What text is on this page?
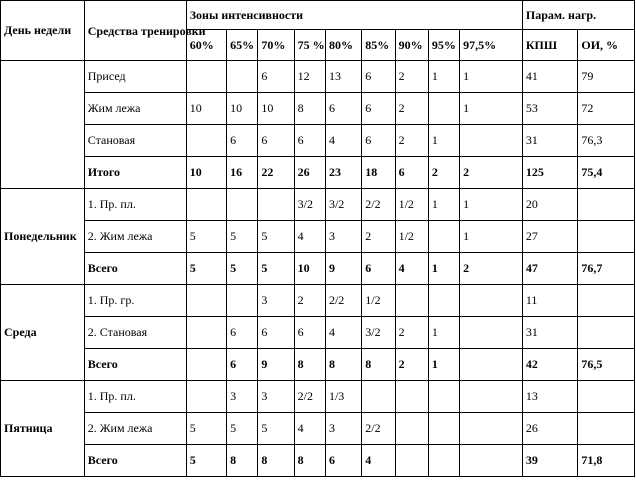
День недели	Средства тренировки	Зоны интенсивности									Парам. нагр.	
		60%	65%	70%	75 %	80%	85%	90%	95%	97,5%	КПШ	ОИ, %
	Присед			6	12	13	6	2	1	1	41	79
	Жим лежа	10	10	10	8	6	6	2		1	53	72
	Становая		6	6	6	4	6	2	1		31	76,3
	Итого	10	16	22	26	23	18	6	2	2	125	75,4
Понедельник	1. Пр. пл.				3/2	3/2	2/2	1/2	1	1	20	
	2. Жим лежа	5	5	5	4	3	2	1/2		1	27	
	Всего	5	5	5	10	9	6	4	1	2	47	76,7
Среда	1. Пр. гр.			3	2	2/2	1/2				11	
	2. Становая		6	6	6	4	3/2	2	1		31	
	Всего		6	9	8	8	8	2	1		42	76,5
Пятница	1. Пр. пл.		3	3	2/2	1/3					13	
	2. Жим лежа	5	5	5	4	3	2/2				26	
	Всего	5	8	8	8	6	4				39	71,8
